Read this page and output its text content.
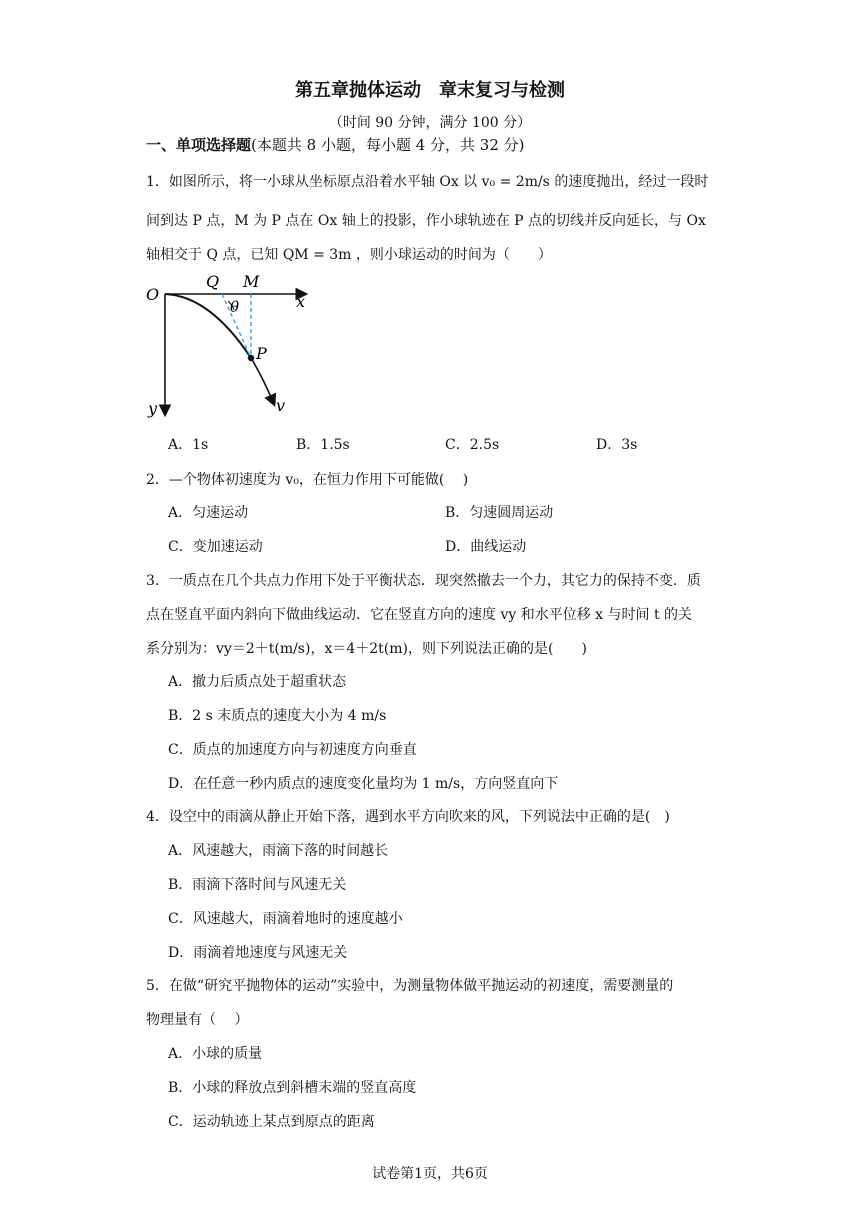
第五章抛体运动　章末复习与检测
（时间 90 分钟，满分 100 分）
一、单项选择题(本题共 8 小题，每小题 4 分，共 32 分)
1．如图所示，将一小球从坐标原点沿着水平轴 Ox 以 v₀ = 2m/s 的速度抛出，经过一段时
间到达 P 点，M 为 P 点在 Ox 轴上的投影，作小球轨迹在 P 点的切线并反向延长，与 Ox
轴相交于 Q 点，已知 QM = 3m ，则小球运动的时间为（　　）
O
Q M
x
θ
P
y	v
A．1s	B．1.5s	C．2.5s	D．3s
2．—个物体初速度为 v₀，在恒力作用下可能做(　 )
A．匀速运动	B．匀速圆周运动
C．变加速运动	D．曲线运动
3．一质点在几个共点力作用下处于平衡状态．现突然撤去一个力，其它力的保持不变．质
点在竖直平面内斜向下做曲线运动．它在竖直方向的速度 vy 和水平位移 x 与时间 t 的关
系分别为：vy＝2＋t(m/s)，x＝4＋2t(m)，则下列说法正确的是(　　)
A．撤力后质点处于超重状态
B．2 s 末质点的速度大小为 4 m/s
C．质点的加速度方向与初速度方向垂直
D．在任意一秒内质点的速度变化量均为 1 m/s，方向竖直向下
4．设空中的雨滴从静止开始下落，遇到水平方向吹来的风，下列说法中正确的是(　)
A．风速越大，雨滴下落的时间越长
B．雨滴下落时间与风速无关
C．风速越大，雨滴着地时的速度越小
D．雨滴着地速度与风速无关
5．在做“研究平抛物体的运动”实验中，为测量物体做平抛运动的初速度，需要测量的
物理量有（　 ）
A．小球的质量
B．小球的释放点到斜槽末端的竖直高度
C．运动轨迹上某点到原点的距离
试卷第1页，共6页
